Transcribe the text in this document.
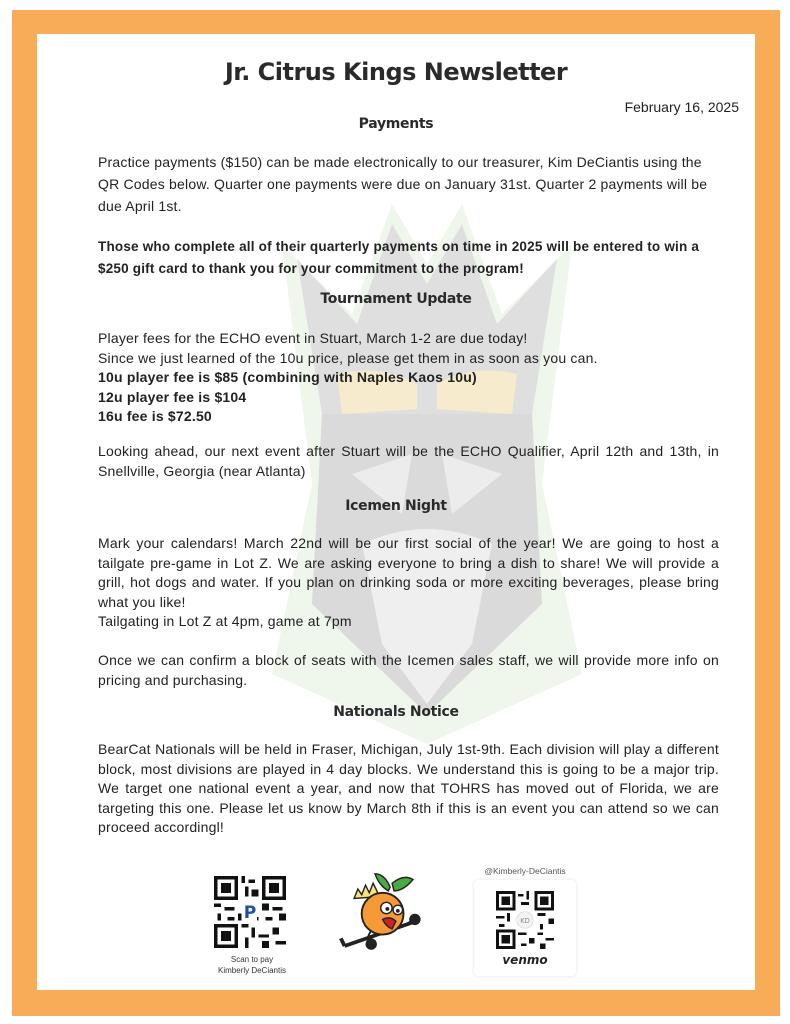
Jr. Citrus Kings Newsletter
February 16, 2025
Payments
Practice payments ($150) can be made electronically to our treasurer, Kim DeCiantis using the QR Codes below. Quarter one payments were due on January 31st. Quarter 2 payments will be due April 1st.
Those who complete all of their quarterly payments on time in 2025 will be entered to win a $250 gift card to thank you for your commitment to the program!
Tournament Update
Player fees for the ECHO event in Stuart, March 1-2 are due today!
Since we just learned of the 10u price, please get them in as soon as you can.
10u player fee is $85 (combining with Naples Kaos 10u)
12u player fee is $104
16u fee is $72.50
Looking ahead, our next event after Stuart will be the ECHO Qualifier, April 12th and 13th, in Snellville, Georgia (near Atlanta)
Icemen Night
Mark your calendars! March 22nd will be our first social of the year! We are going to host a tailgate pre-game in Lot Z. We are asking everyone to bring a dish to share! We will provide a grill, hot dogs and water. If you plan on drinking soda or more exciting beverages, please bring what you like!
Tailgating in Lot Z at 4pm, game at 7pm
Once we can confirm a block of seats with the Icemen sales staff, we will provide more info on pricing and purchasing.
Nationals Notice
BearCat Nationals will be held in Fraser, Michigan, July 1st-9th. Each division will play a different block, most divisions are played in 4 day blocks. We understand this is going to be a major trip. We target one national event a year, and now that TOHRS has moved out of Florida, we are targeting this one. Please let us know by March 8th if this is an event you can attend so we can proceed accordingl!
P
Scan to pay
Kimberly DeCiantis
@Kimberly-DeCiantis
KD
venmo
